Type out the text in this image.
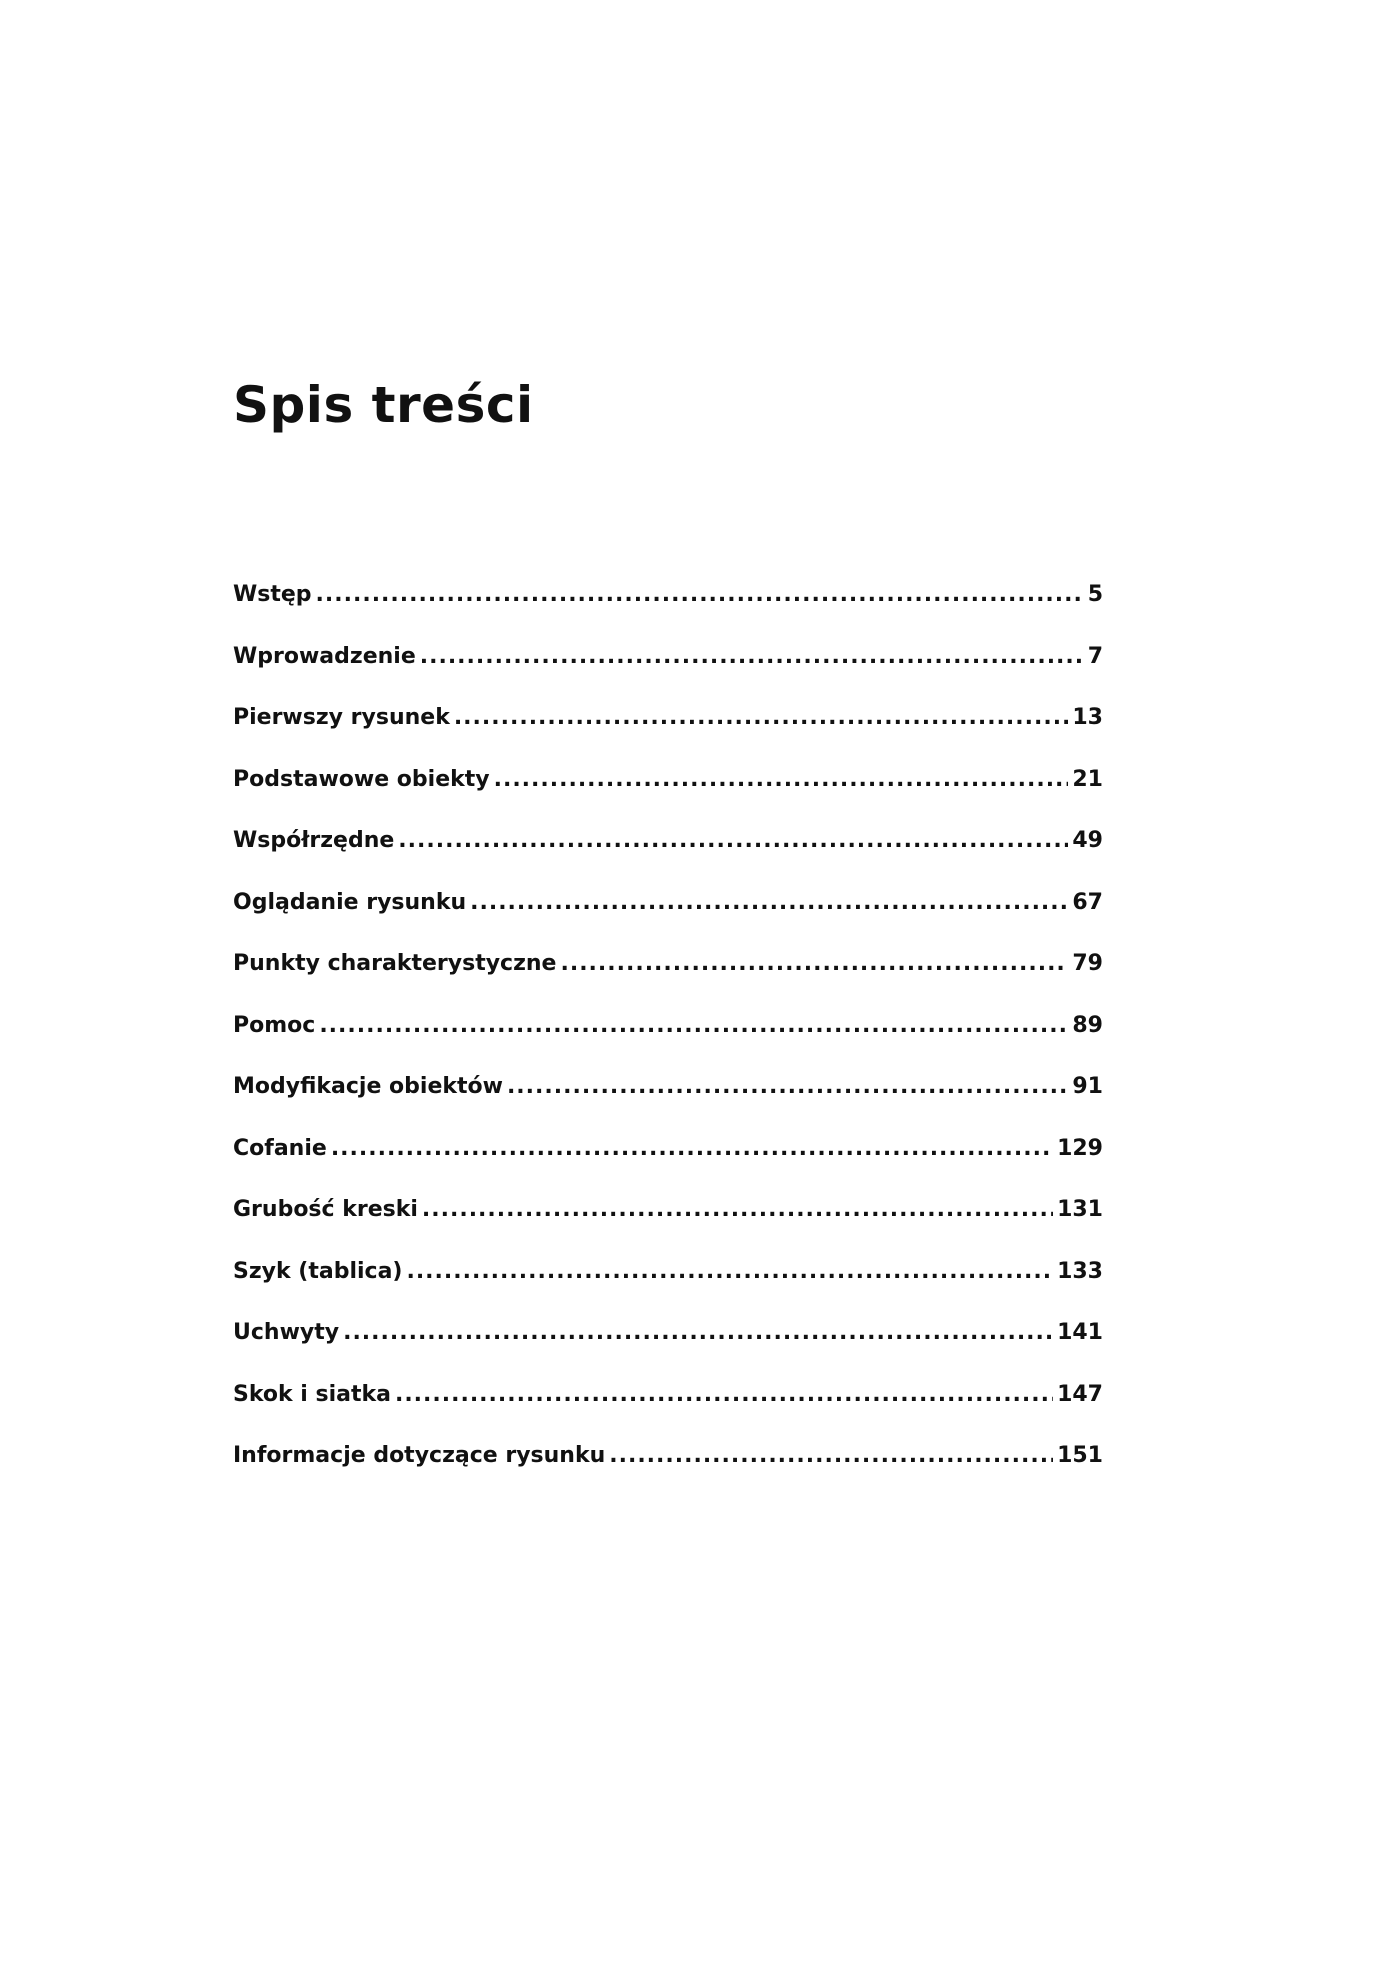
Spis treści
Wstęp .....	5
Wprowadzenie .....	7
Pierwszy rysunek .....	13
Podstawowe obiekty .....	21
Współrzędne .....	49
Oglądanie rysunku .....	67
Punkty charakterystyczne .....	79
Pomoc .....	89
Modyfikacje obiektów .....	91
Cofanie .....	129
Grubość kreski .....	131
Szyk (tablica) .....	133
Uchwyty .....	141
Skok i siatka .....	147
Informacje dotyczące rysunku .....	151
